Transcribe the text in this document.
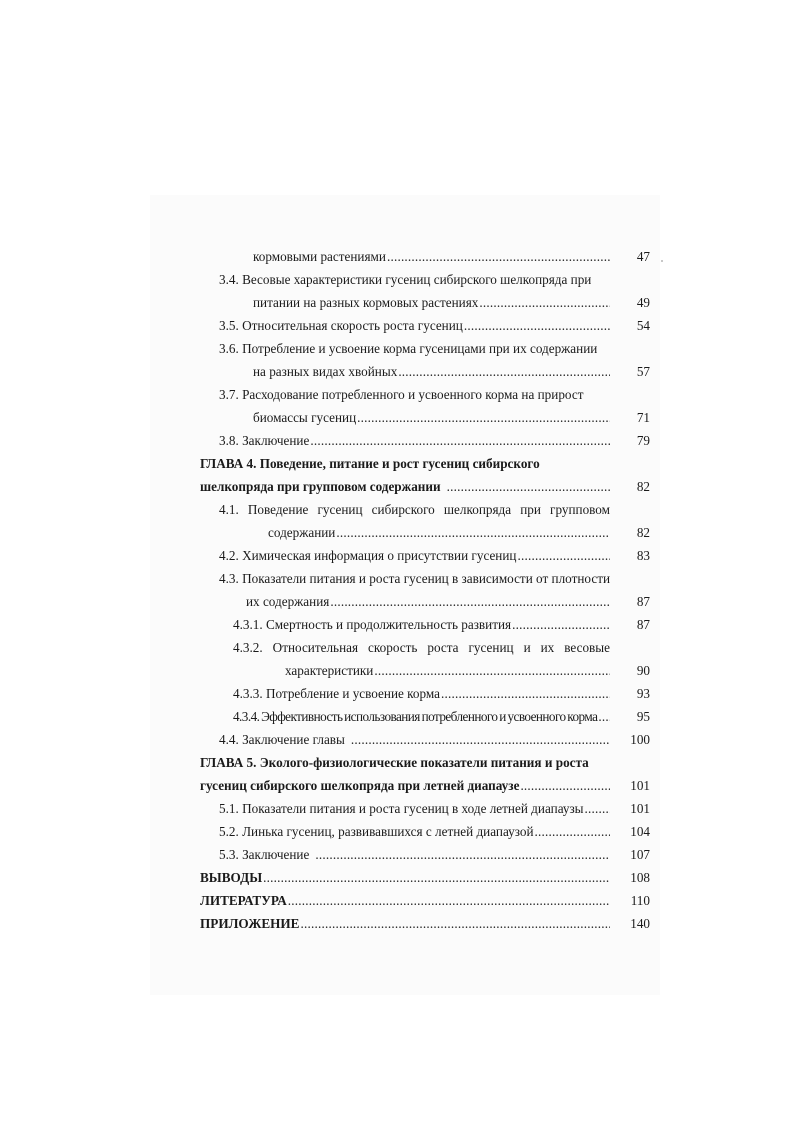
кормовыми растениями .....	47
3.4. Весовые характеристики гусениц сибирского шелкопряда при
питании на разных кормовых растениях .....	49
3.5. Относительная скорость роста гусениц .....	54
3.6. Потребление и усвоение корма гусеницами при их содержании
на разных видах хвойных .....	57
3.7. Расходование потребленного и усвоенного корма на прирост
биомассы гусениц .....	71
3.8. Заключение .....	79
ГЛАВА 4. Поведение, питание и рост гусениц сибирского
шелкопряда при групповом содержании .....	82
4.1. Поведение гусениц сибирского шелкопряда при групповом
содержании .....	82
4.2. Химическая информация о присутствии гусениц .....	83
4.3. Показатели питания и роста гусениц в зависимости от плотности
их содержания .....	87
4.3.1. Смертность и продолжительность развития .....	87
4.3.2. Относительная скорость роста гусениц и их весовые
характеристики .....	90
4.3.3. Потребление и усвоение корма .....	93
4.3.4. Эффективность использования потребленного и усвоенного корма .....	95
4.4. Заключение главы .....	100
ГЛАВА 5. Эколого-физиологические показатели питания и роста
гусениц сибирского шелкопряда при летней диапаузе .....	101
5.1. Показатели питания и роста гусениц в ходе летней диапаузы .....	101
5.2. Линька гусениц, развивавшихся с летней диапаузой .....	104
5.3. Заключение .....	107
ВЫВОДЫ .....	108
ЛИТЕРАТУРА .....	110
ПРИЛОЖЕНИЕ .....	140
